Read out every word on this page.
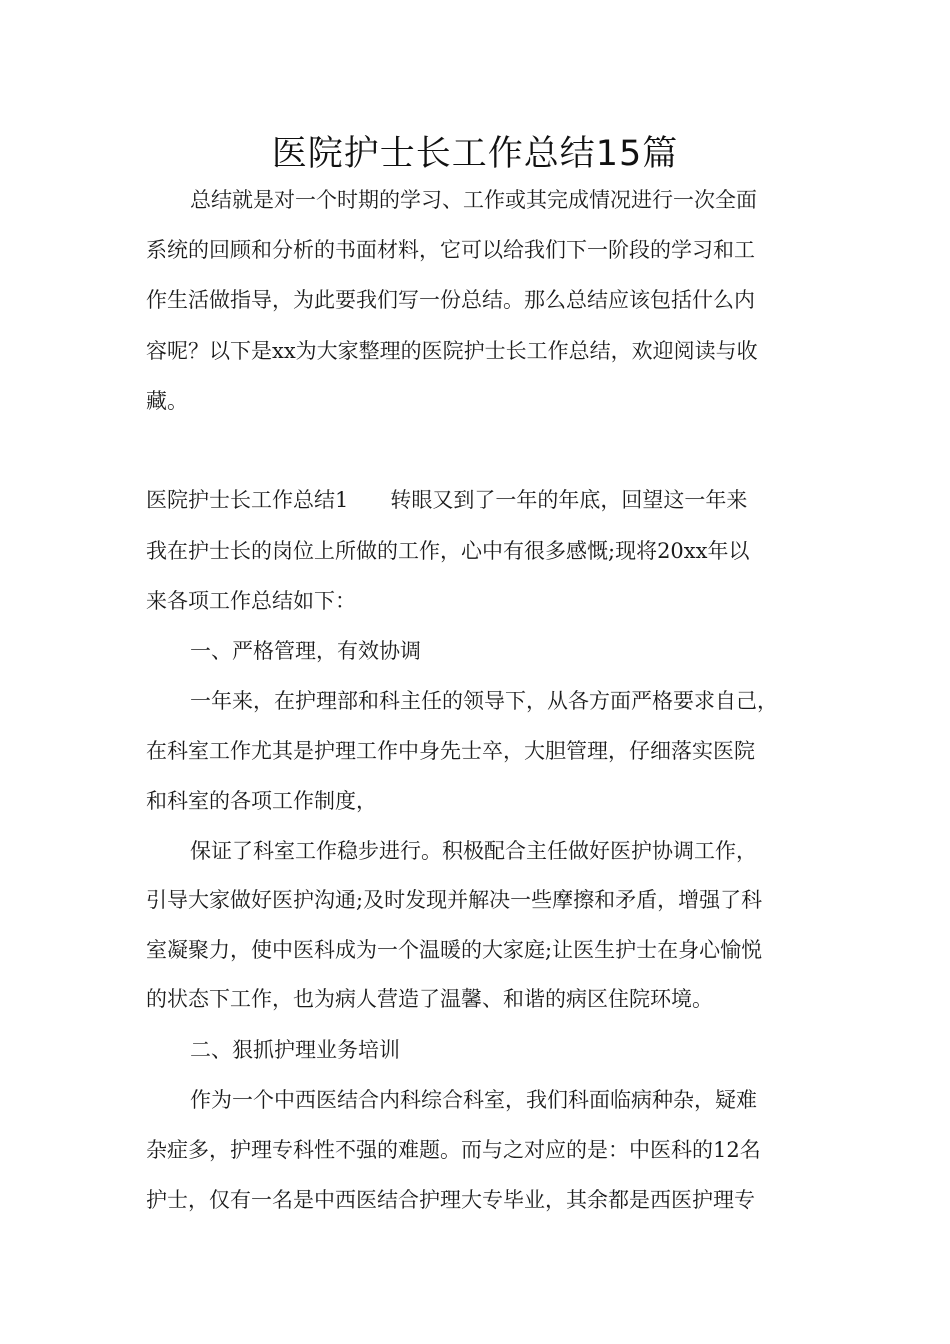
医院护士长工作总结15篇
总结就是对一个时期的学习、工作或其完成情况进行一次全面
系统的回顾和分析的书面材料，它可以给我们下一阶段的学习和工
作生活做指导，为此要我们写一份总结。那么总结应该包括什么内
容呢？以下是xx为大家整理的医院护士长工作总结，欢迎阅读与收
藏。
医院护士长工作总结1 转眼又到了一年的年底，回望这一年来
我在护士长的岗位上所做的工作，心中有很多感慨;现将20xx年以
来各项工作总结如下：
一、严格管理，有效协调
一年来，在护理部和科主任的领导下，从各方面严格要求自己，
在科室工作尤其是护理工作中身先士卒，大胆管理，仔细落实医院
和科室的各项工作制度，
保证了科室工作稳步进行。积极配合主任做好医护协调工作，
引导大家做好医护沟通;及时发现并解决一些摩擦和矛盾，增强了科
室凝聚力，使中医科成为一个温暖的大家庭;让医生护士在身心愉悦
的状态下工作，也为病人营造了温馨、和谐的病区住院环境。
二、狠抓护理业务培训
作为一个中西医结合内科综合科室，我们科面临病种杂，疑难
杂症多，护理专科性不强的难题。而与之对应的是：中医科的12名
护士，仅有一名是中西医结合护理大专毕业，其余都是西医护理专
